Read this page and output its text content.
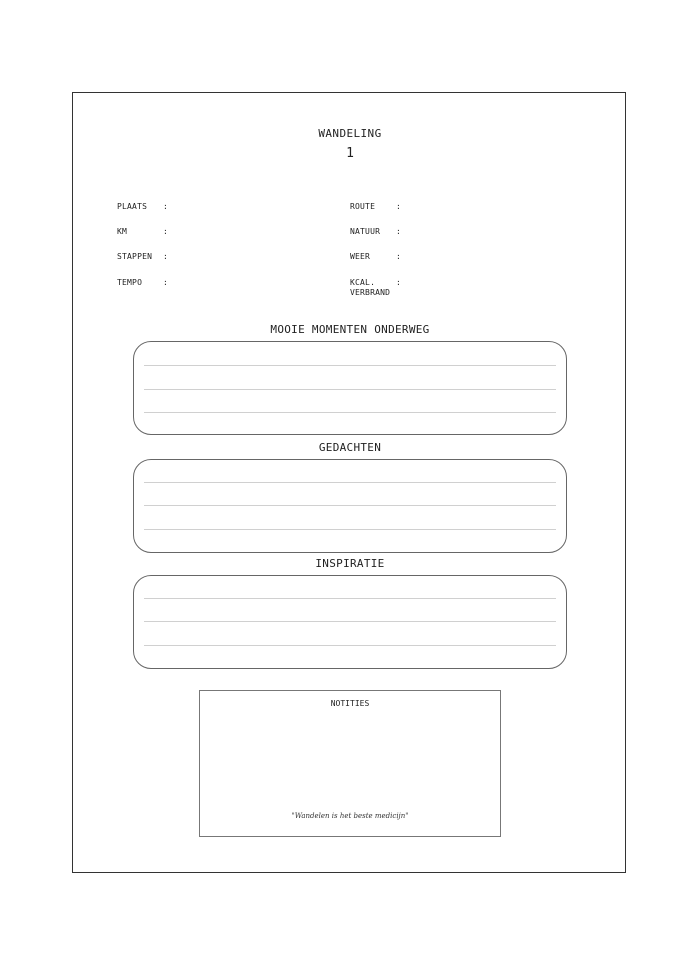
WANDELING
1
PLAATS :
KM	:
STAPPEN :
TEMPO	:
ROUTE	:
NATUUR :
WEER	:
KCAL.
VERBRAND
:
MOOIE MOMENTEN ONDERWEG
GEDACHTEN
INSPIRATIE
NOTITIES
"Wandelen is het beste medicijn"
